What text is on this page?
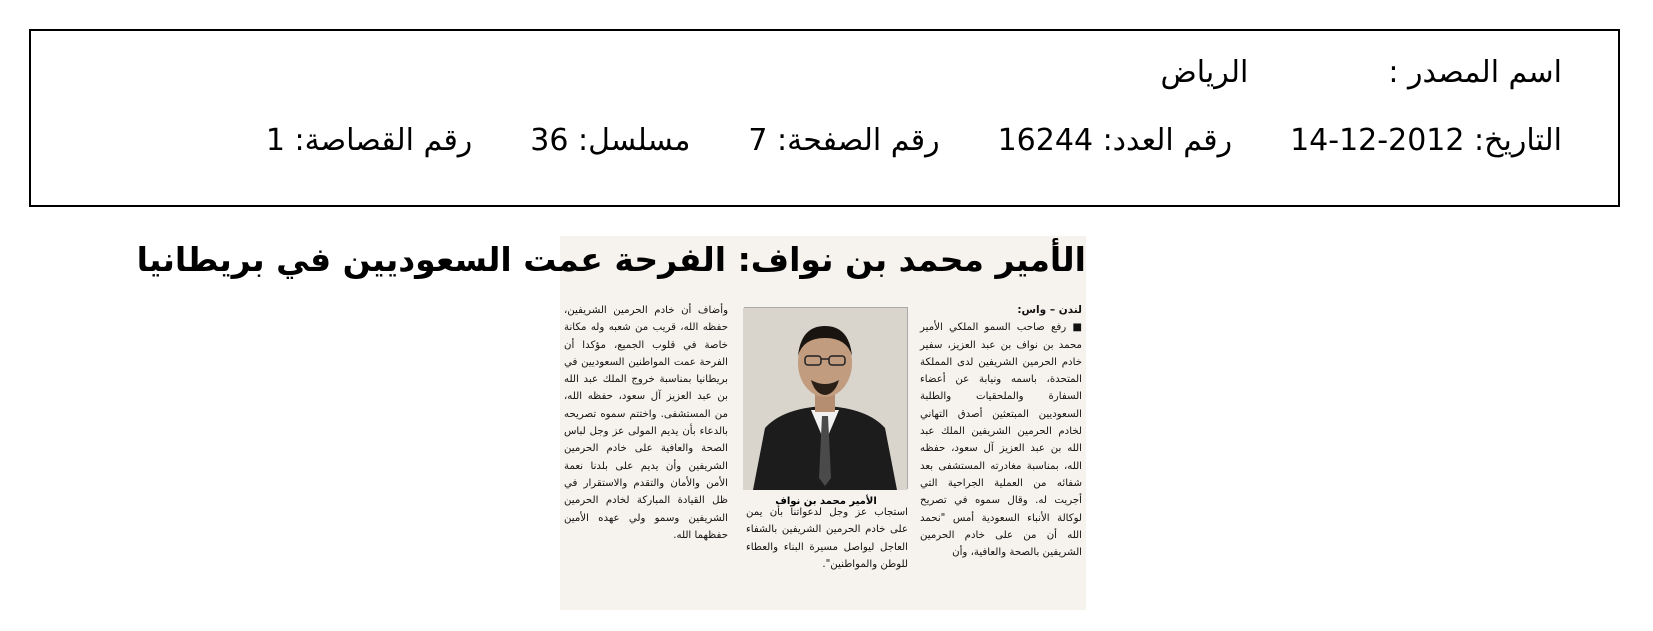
اسم المصدر :الرياض
التاريخ: 2012-12-14رقم العدد: 16244رقم الصفحة: 7مسلسل: 36رقم القصاصة: 1
الأمير محمد بن نواف: الفرحة عمت السعوديين في بريطانيا

لندن – واس:

■ رفع صاحب السمو الملكي الأمير محمد بن نواف بن عبد العزيز، سفير خادم الحرمين الشريفين لدى المملكة المتحدة، باسمه ونيابة عن أعضاء السفارة والملحقيات والطلبة السعوديين المبتعثين أصدق التهاني لخادم الحرمين الشريفين الملك عبد الله بن عبد العزيز آل سعود، حفظه الله، بمناسبة مغادرته المستشفى بعد شفائه من العملية الجراحية التي أجريت له. وقال سموه في تصريح لوكالة الأنباء السعودية أمس "نحمد الله أن من على خادم الحرمين الشريفين بالصحة والعافية، وأن

الأمير محمد بن نواف

استجاب عز وجل لدعواتنا بأن يمن على خادم الحرمين الشريفين بالشفاء العاجل ليواصل مسيرة البناء والعطاء للوطن والمواطنين".

وأضاف أن خادم الحرمين الشريفين، حفظه الله، قريب من شعبه وله مكانة خاصة في قلوب الجميع، مؤكدا أن الفرحة عمت المواطنين السعوديين في بريطانيا بمناسبة خروج الملك عبد الله بن عبد العزيز آل سعود، حفظه الله، من المستشفى. واختتم سموه تصريحه بالدعاء بأن يديم المولى عز وجل لباس الصحة والعافية على خادم الحرمين الشريفين وأن يديم على بلدنا نعمة الأمن والأمان والتقدم والاستقرار في ظل القيادة المباركة لخادم الحرمين الشريفين وسمو ولي عهده الأمين حفظهما الله.
